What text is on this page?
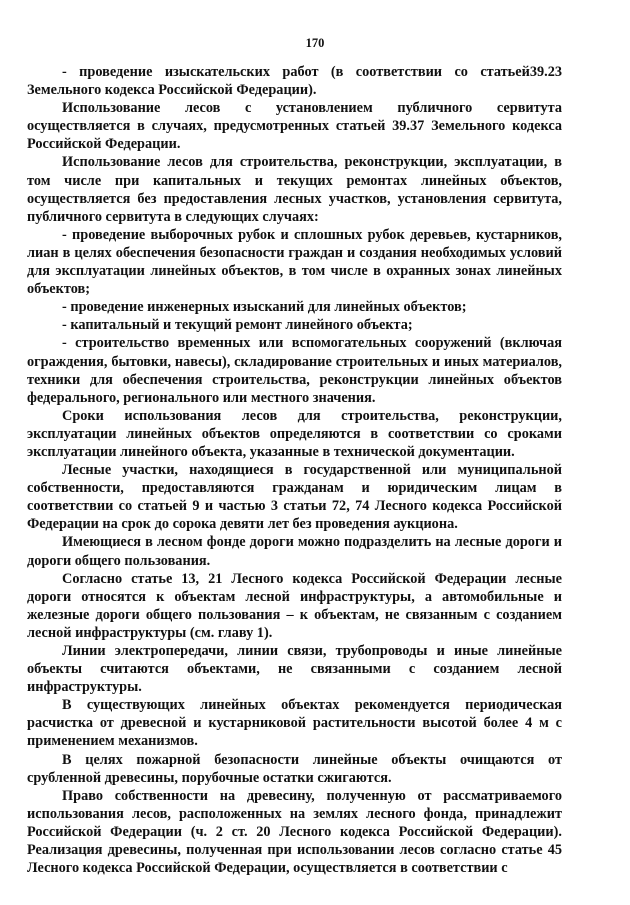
170

- проведение изыскательских работ (в соответствии со статьей39.23 Земельного кодекса Российской Федерации).

Использование лесов с установлением публичного сервитута осуществляется в случаях, предусмотренных статьей 39.37 Земельного кодекса Российской Федерации.

Использование лесов для строительства, реконструкции, эксплуатации, в том числе при капитальных и текущих ремонтах линейных объектов, осуществляется без предоставления лесных участков, установления сервитута, публичного сервитута в следующих случаях:

- проведение выборочных рубок и сплошных рубок деревьев, кустарников, лиан в целях обеспечения безопасности граждан и создания необходимых условий для эксплуатации линейных объектов, в том числе в охранных зонах линейных объектов;

- проведение инженерных изысканий для линейных объектов;

- капитальный и текущий ремонт линейного объекта;

- строительство временных или вспомогательных сооружений (включая ограждения, бытовки, навесы), складирование строительных и иных материалов, техники для обеспечения строительства, реконструкции линейных объектов федерального, регионального или местного значения.

Сроки использования лесов для строительства, реконструкции, эксплуатации линейных объектов определяются в соответствии со сроками эксплуатации линейного объекта, указанные в технической документации.

Лесные участки, находящиеся в государственной или муниципальной собственности, предоставляются гражданам и юридическим лицам в соответствии со статьей 9 и частью 3 статьи 72, 74 Лесного кодекса Российской Федерации на срок до сорока девяти лет без проведения аукциона.

Имеющиеся в лесном фонде дороги можно подразделить на лесные дороги и дороги общего пользования.

Согласно статье 13, 21 Лесного кодекса Российской Федерации лесные дороги относятся к объектам лесной инфраструктуры, а автомобильные и железные дороги общего пользования – к объектам, не связанным с созданием лесной инфраструктуры (см. главу 1).

Линии электропередачи, линии связи, трубопроводы и иные линейные объекты считаются объектами, не связанными с созданием лесной инфраструктуры.

В существующих линейных объектах рекомендуется периодическая расчистка от древесной и кустарниковой растительности высотой более 4 м с применением механизмов.

В целях пожарной безопасности линейные объекты очищаются от срубленной древесины, порубочные остатки сжигаются.

Право собственности на древесину, полученную от рассматриваемого использования лесов, расположенных на землях лесного фонда, принадлежит Российской Федерации (ч. 2 ст. 20 Лесного кодекса Российской Федерации). Реализация древесины, полученная при использовании лесов согласно статье 45 Лесного кодекса Российской Федерации, осуществляется в соответствии с
